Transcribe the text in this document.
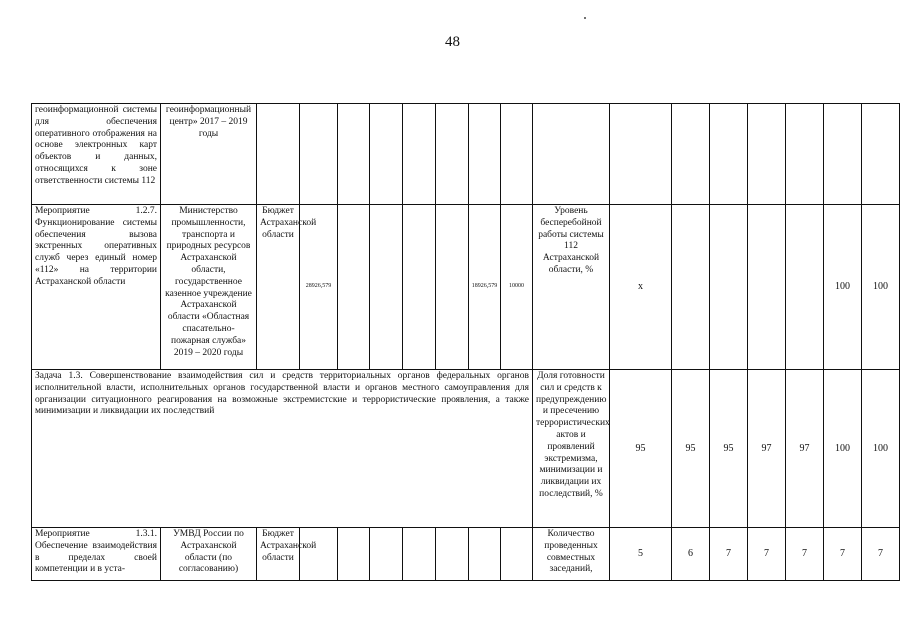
48
геоинформационной системы для обеспечения оперативного отображения на основе электронных карт объектов и данных, относящихся к зоне ответственности системы 112	геоинформационный центр» 2017 – 2019 годы																
Мероприятие 1.2.7. Функционирование системы обеспечения вызова экстренных оперативных служб через единый номер «112» на территории Астраханской области	Министерство промышленности, транспорта и природных ресурсов Астраханской области, государственное казенное учреждение Астраханской области «Областная спасательно-пожарная служба» 2019 – 2020 годы	Бюджет Астраханской области	28926,579					18926,579	10000	Уровень бесперебойной работы системы 112 Астраханской области, %	x					100	100
Задача 1.3. Совершенствование взаимодействия сил и средств территориальных органов федеральных органов исполнительной власти, исполнительных органов государственной власти и органов местного самоуправления для организации ситуационного реагирования на возможные экстремистские и террористические проявления, а также минимизации и ликвидации их последствий										Доля готовности сил и средств к предупреждению и пресечению террористических актов и проявлений экстремизма, минимизации и ликвидации их последствий, %	95	95	95	97	97	100	100
Мероприятие 1.3.1. Обеспечение взаимодействия в пределах своей компетенции и в уста-	УМВД России по Астраханской области (по согласованию)	Бюджет Астраханской области								Количество проведенных совместных заседаний,	5	6	7	7	7	7	7
